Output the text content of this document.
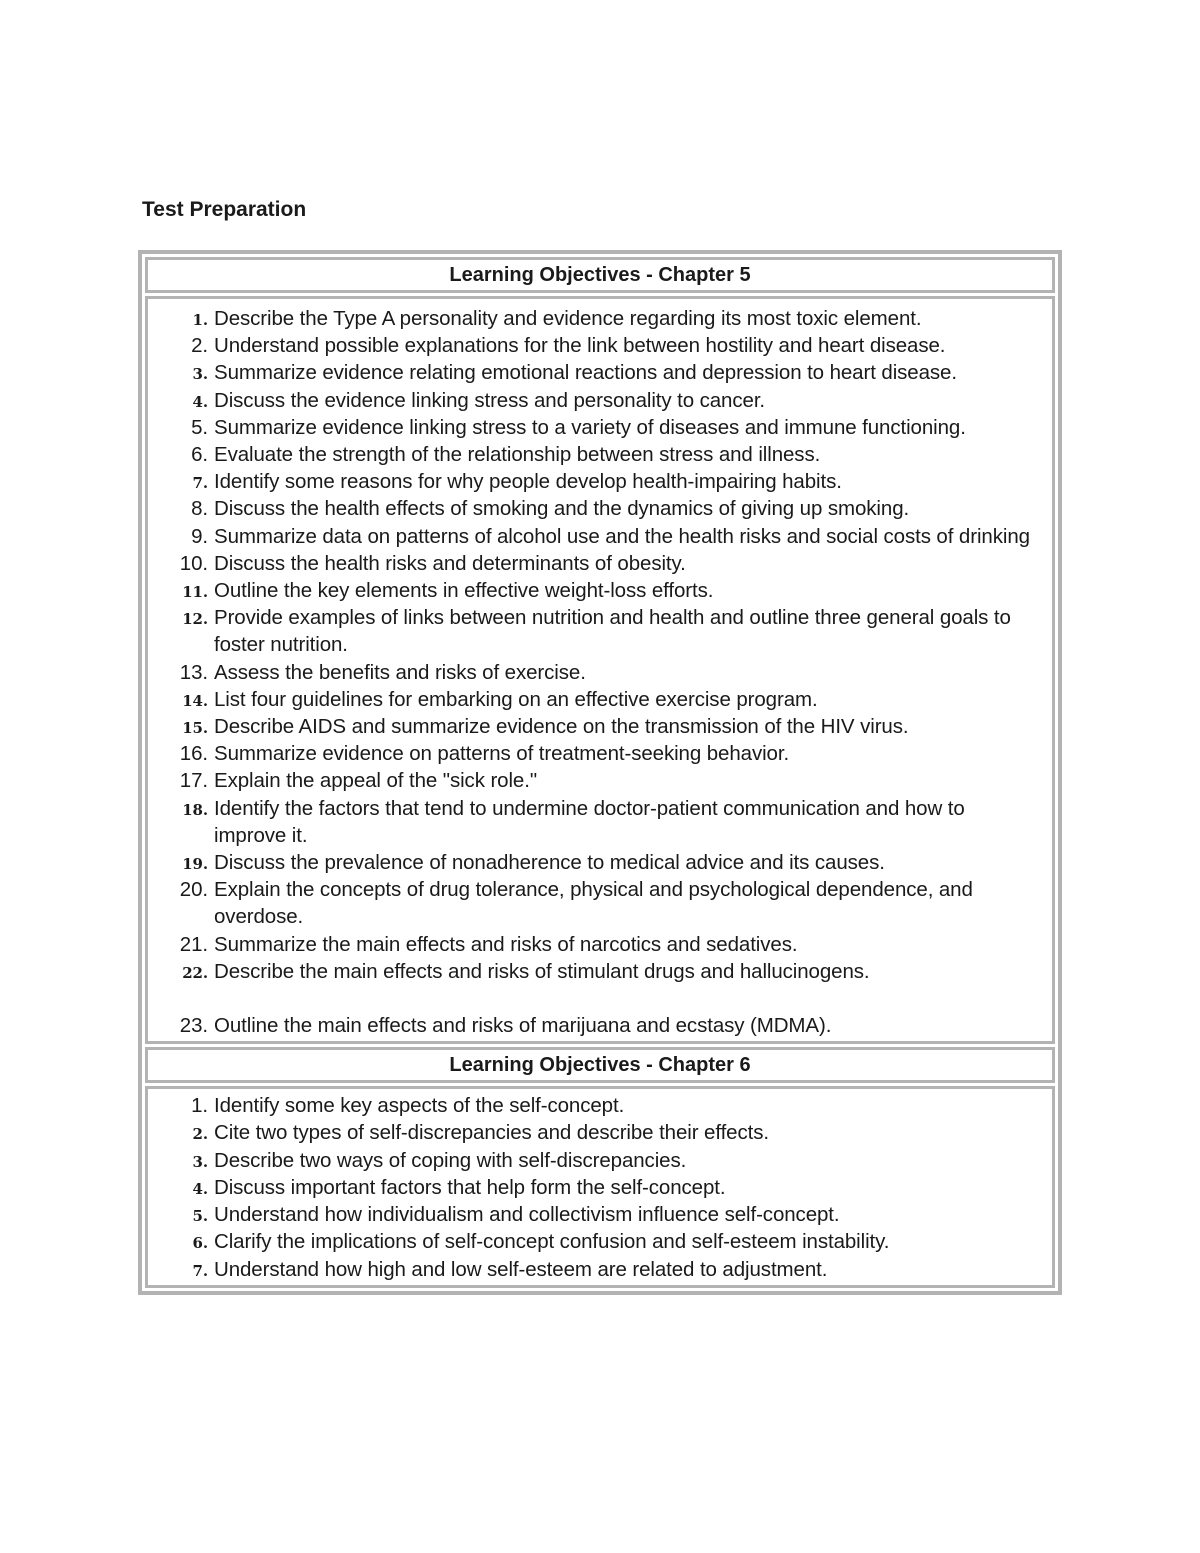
Test Preparation
Learning Objectives - Chapter 5
1. Describe the Type A personality and evidence regarding its most toxic element.
2. Understand possible explanations for the link between hostility and heart disease.
3. Summarize evidence relating emotional reactions and depression to heart disease.
4. Discuss the evidence linking stress and personality to cancer.
5. Summarize evidence linking stress to a variety of diseases and immune functioning.
6. Evaluate the strength of the relationship between stress and illness.
7. Identify some reasons for why people develop health-impairing habits.
8. Discuss the health effects of smoking and the dynamics of giving up smoking.
9. Summarize data on patterns of alcohol use and the health risks and social costs of drinking
10. Discuss the health risks and determinants of obesity.
11. Outline the key elements in effective weight-loss efforts.
12. Provide examples of links between nutrition and health and outline three general goals to foster nutrition.
13. Assess the benefits and risks of exercise.
14. List four guidelines for embarking on an effective exercise program.
15. Describe AIDS and summarize evidence on the transmission of the HIV virus.
16. Summarize evidence on patterns of treatment-seeking behavior.
17. Explain the appeal of the "sick role."
18. Identify the factors that tend to undermine doctor-patient communication and how to improve it.
19. Discuss the prevalence of nonadherence to medical advice and its causes.
20. Explain the concepts of drug tolerance, physical and psychological dependence, and overdose.
21. Summarize the main effects and risks of narcotics and sedatives.
22. Describe the main effects and risks of stimulant drugs and hallucinogens.
23. Outline the main effects and risks of marijuana and ecstasy (MDMA).
Learning Objectives - Chapter 6
1. Identify some key aspects of the self-concept.
2. Cite two types of self-discrepancies and describe their effects.
3. Describe two ways of coping with self-discrepancies.
4. Discuss important factors that help form the self-concept.
5. Understand how individualism and collectivism influence self-concept.
6. Clarify the implications of self-concept confusion and self-esteem instability.
7. Understand how high and low self-esteem are related to adjustment.
